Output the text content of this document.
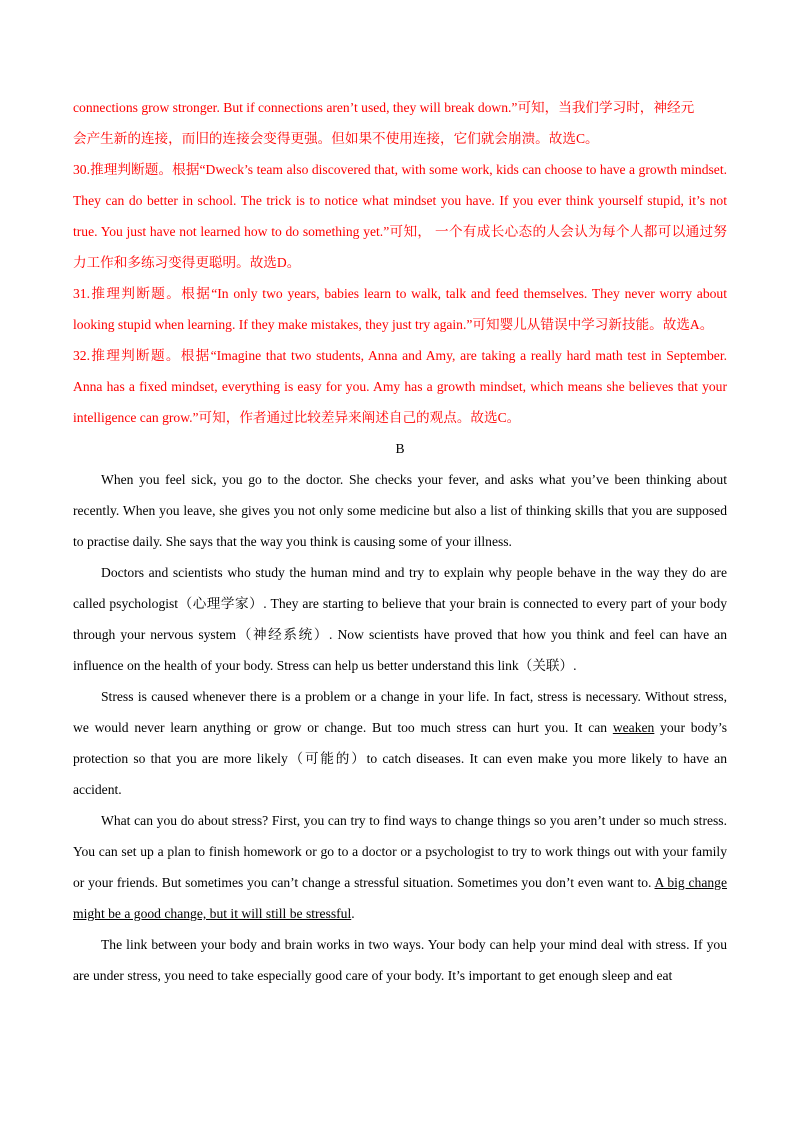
connections grow stronger. But if connections aren’t used, they will break down.”可知，当我们学习时，神经元
会产生新的连接，而旧的连接会变得更强。但如果不使用连接，它们就会崩溃。故选C。

30.推理判断题。根据“Dweck’s team also discovered that, with some work, kids can choose to have a growth mindset. They can do better in school. The trick is to notice what mindset you have. If you ever think yourself stupid, it’s not true. You just have not learned how to do something yet.”可知， 一个有成长心态的人会认为每个人都可以通过努力工作和多练习变得更聪明。故选D。

31.推理判断题。根据“In only two years, babies learn to walk, talk and feed themselves. They never worry about looking stupid when learning. If they make mistakes, they just try again.”可知婴儿从错误中学习新技能。故选A。

32.推理判断题。根据“Imagine that two students, Anna and Amy, are taking a really hard math test in September. Anna has a fixed mindset, everything is easy for you. Amy has a growth mindset, which means she believes that your intelligence can grow.”可知，作者通过比较差异来阐述自己的观点。故选C。

B

When you feel sick, you go to the doctor. She checks your fever, and asks what you’ve been thinking about recently. When you leave, she gives you not only some medicine but also a list of thinking skills that you are supposed to practise daily. She says that the way you think is causing some of your illness.

Doctors and scientists who study the human mind and try to explain why people behave in the way they do are called psychologist（心理学家）. They are starting to believe that your brain is connected to every part of your body through your nervous system（神经系统）. Now scientists have proved that how you think and feel can have an influence on the health of your body. Stress can help us better understand this link（关联）.

Stress is caused whenever there is a problem or a change in your life. In fact, stress is necessary. Without stress, we would never learn anything or grow or change. But too much stress can hurt you. It can weaken your body’s protection so that you are more likely（可能的）to catch diseases. It can even make you more likely to have an accident.

What can you do about stress? First, you can try to find ways to change things so you aren’t under so much stress. You can set up a plan to finish homework or go to a doctor or a psychologist to try to work things out with your family or your friends. But sometimes you can’t change a stressful situation. Sometimes you don’t even want to. A big change might be a good change, but it will still be stressful.

The link between your body and brain works in two ways. Your body can help your mind deal with stress. If you are under stress, you need to take especially good care of your body. It’s important to get enough sleep and eat
